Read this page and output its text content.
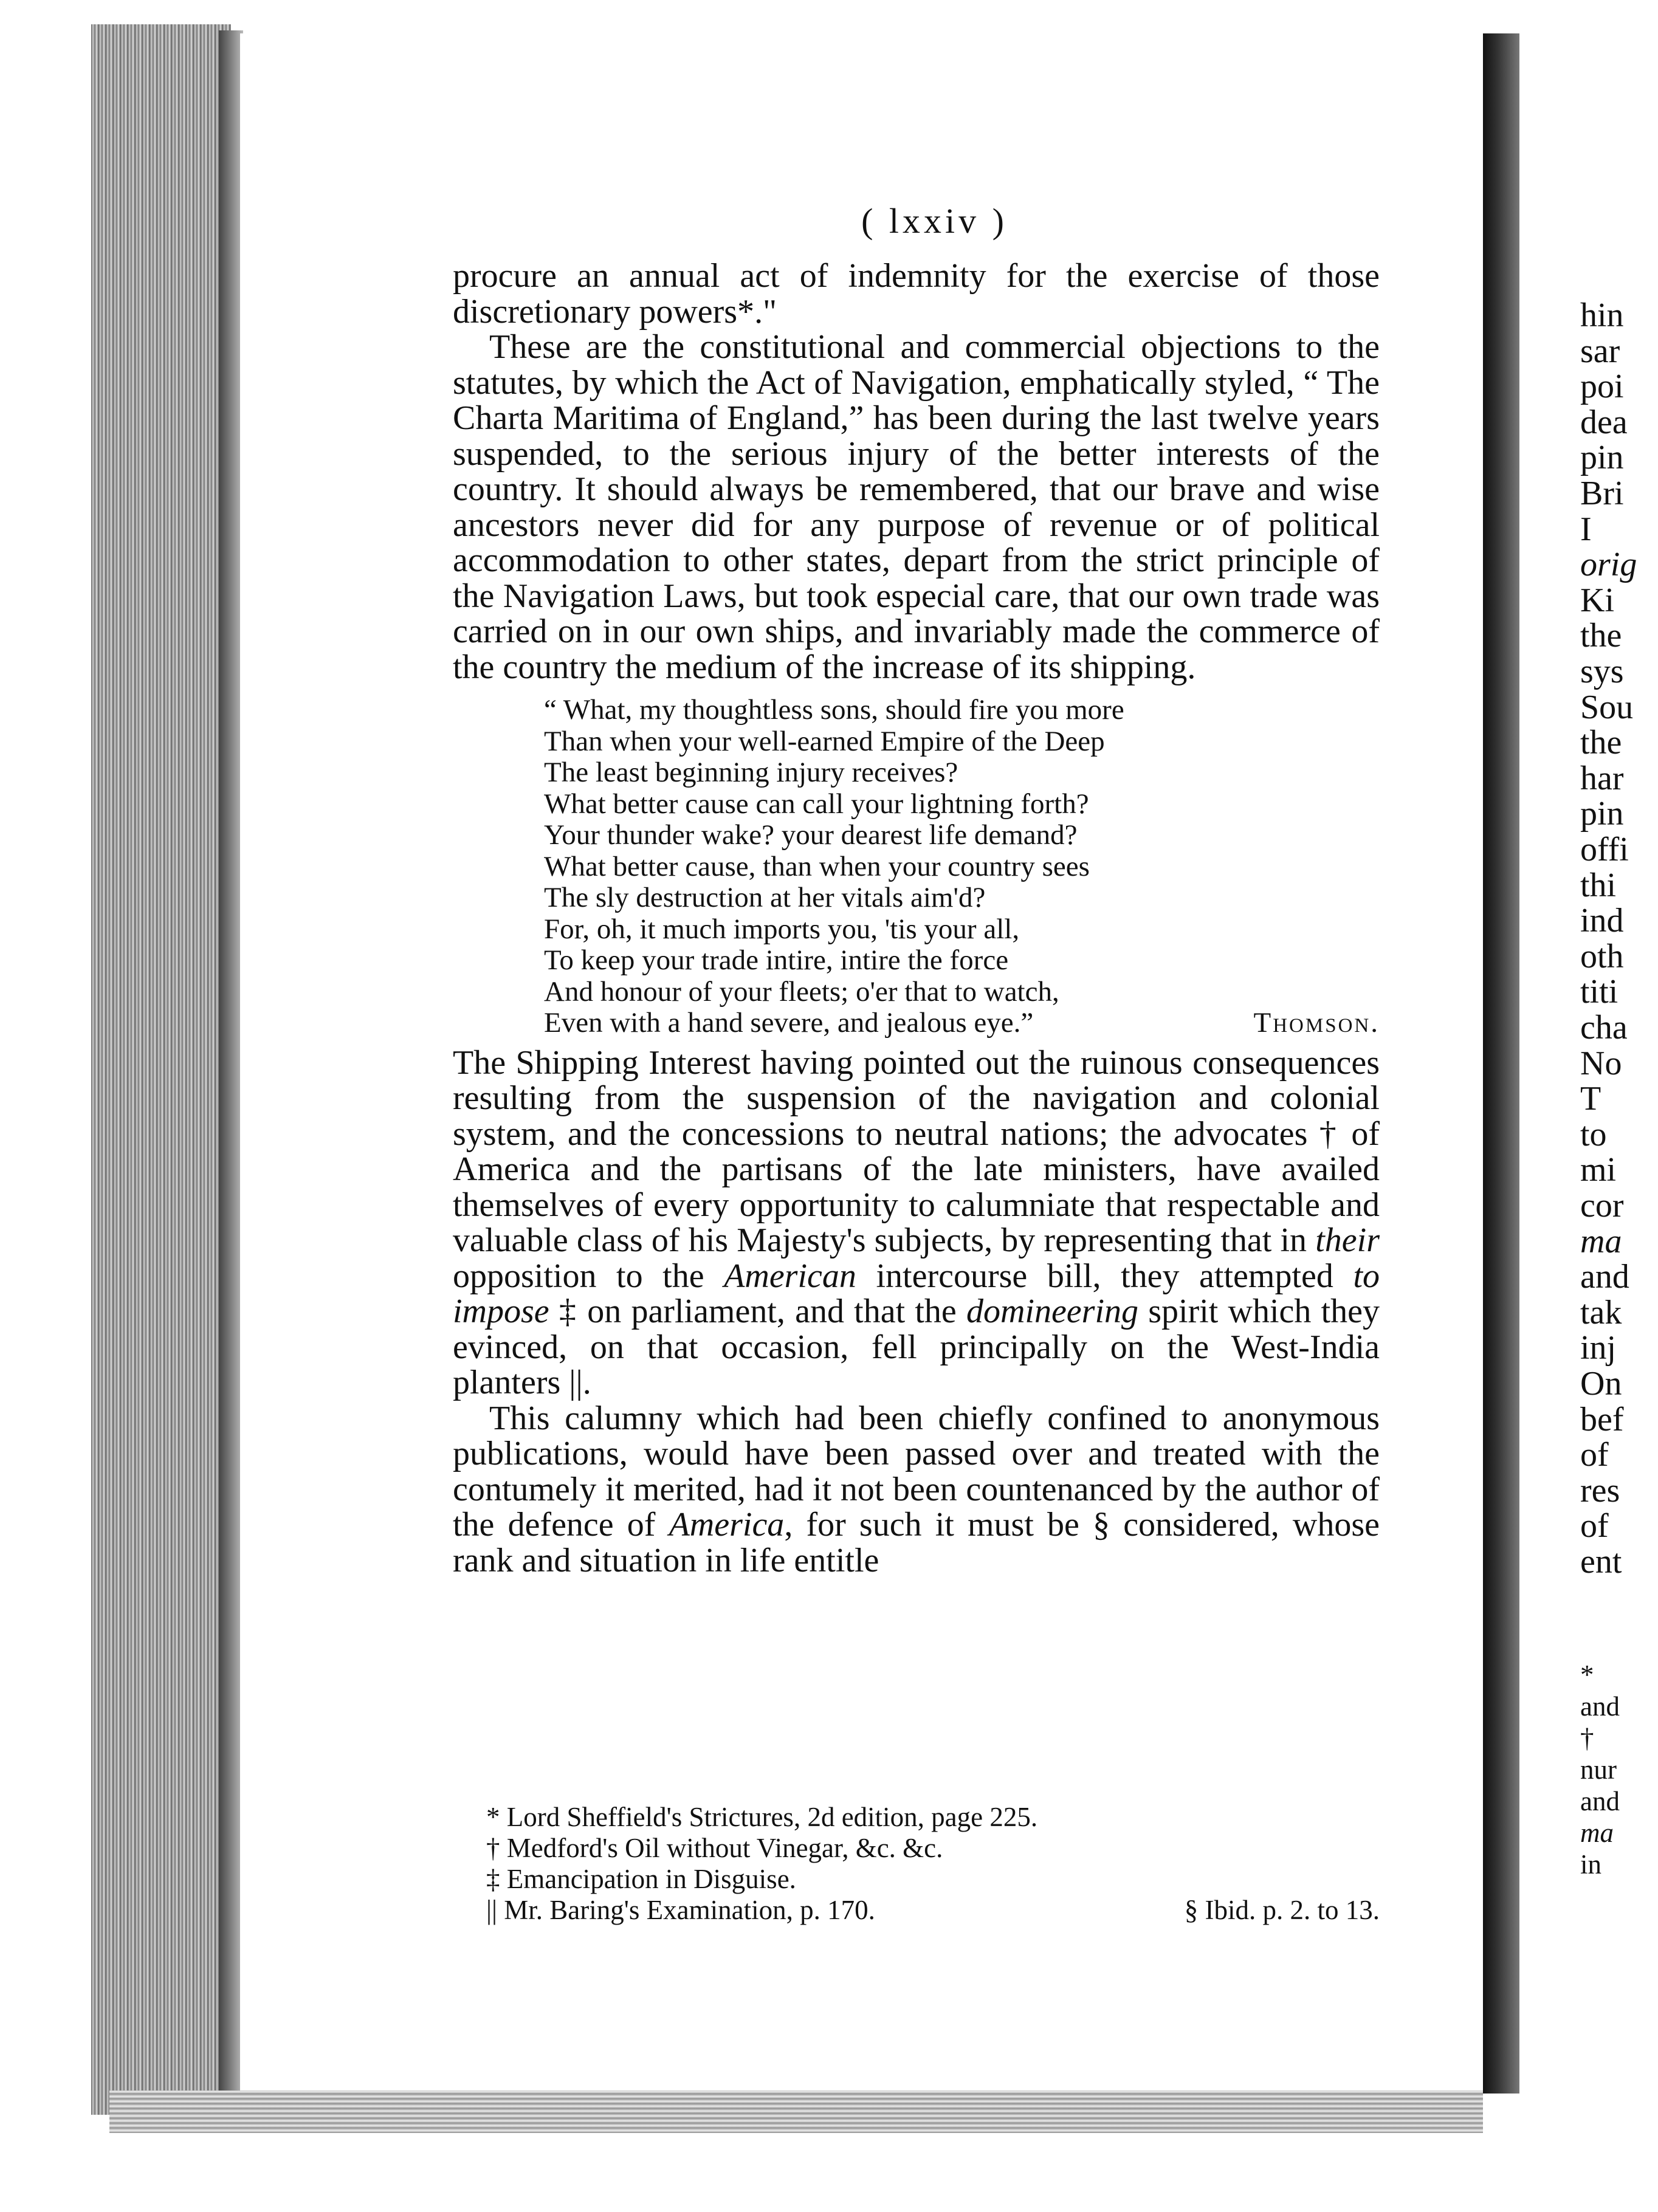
( lxxiv )

procure an annual act of indemnity for the exercise of those discretionary powers*."

These are the constitutional and commercial objections to the statutes, by which the Act of Navigation, emphatically styled, “ The Charta Maritima of England,” has been during the last twelve years suspended, to the serious injury of the better interests of the country. It should always be remembered, that our brave and wise ancestors never did for any purpose of revenue or of political accommodation to other states, depart from the strict principle of the Navigation Laws, but took especial care, that our own trade was carried on in our own ships, and invariably made the commerce of the country the medium of the increase of its shipping.

“ What, my thoughtless sons, should fire you more
Than when your well-earned Empire of the Deep
The least beginning injury receives?
What better cause can call your lightning forth?
Your thunder wake? your dearest life demand?
What better cause, than when your country sees
The sly destruction at her vitals aim'd?
For, oh, it much imports you, 'tis your all,
To keep your trade intire, intire the force
And honour of your fleets; o'er that to watch,
Even with a hand severe, and jealous eye.”	Thomson.

The Shipping Interest having pointed out the ruinous consequences resulting from the suspension of the navigation and colonial system, and the concessions to neutral nations; the advocates † of America and the partisans of the late ministers, have availed themselves of every opportunity to calumniate that respectable and valuable class of his Majesty's subjects, by representing that in their opposition to the American intercourse bill, they attempted to impose ‡ on parliament, and that the domineering spirit which they evinced, on that occasion, fell principally on the West-India planters ||.

This calumny which had been chiefly confined to anonymous publications, would have been passed over and treated with the contumely it merited, had it not been countenanced by the author of the defence of America, for such it must be § considered, whose rank and situation in life entitle

* Lord Sheffield's Strictures, 2d edition, page 225.
† Medford's Oil without Vinegar, &c. &c.
‡ Emancipation in Disguise.
|| Mr. Baring's Examination, p. 170.	§ Ibid. p. 2. to 13.
hin
sar
poi
dea
pin
Bri
I
orig
Ki
the
sys
Sou
the
har
pin
offi
thi
ind
oth
titi
cha
No
T
to
mi
cor
ma
and
tak
inj
On
bef
of
res
of
ent
*
and
†
nur
and
ma
in
